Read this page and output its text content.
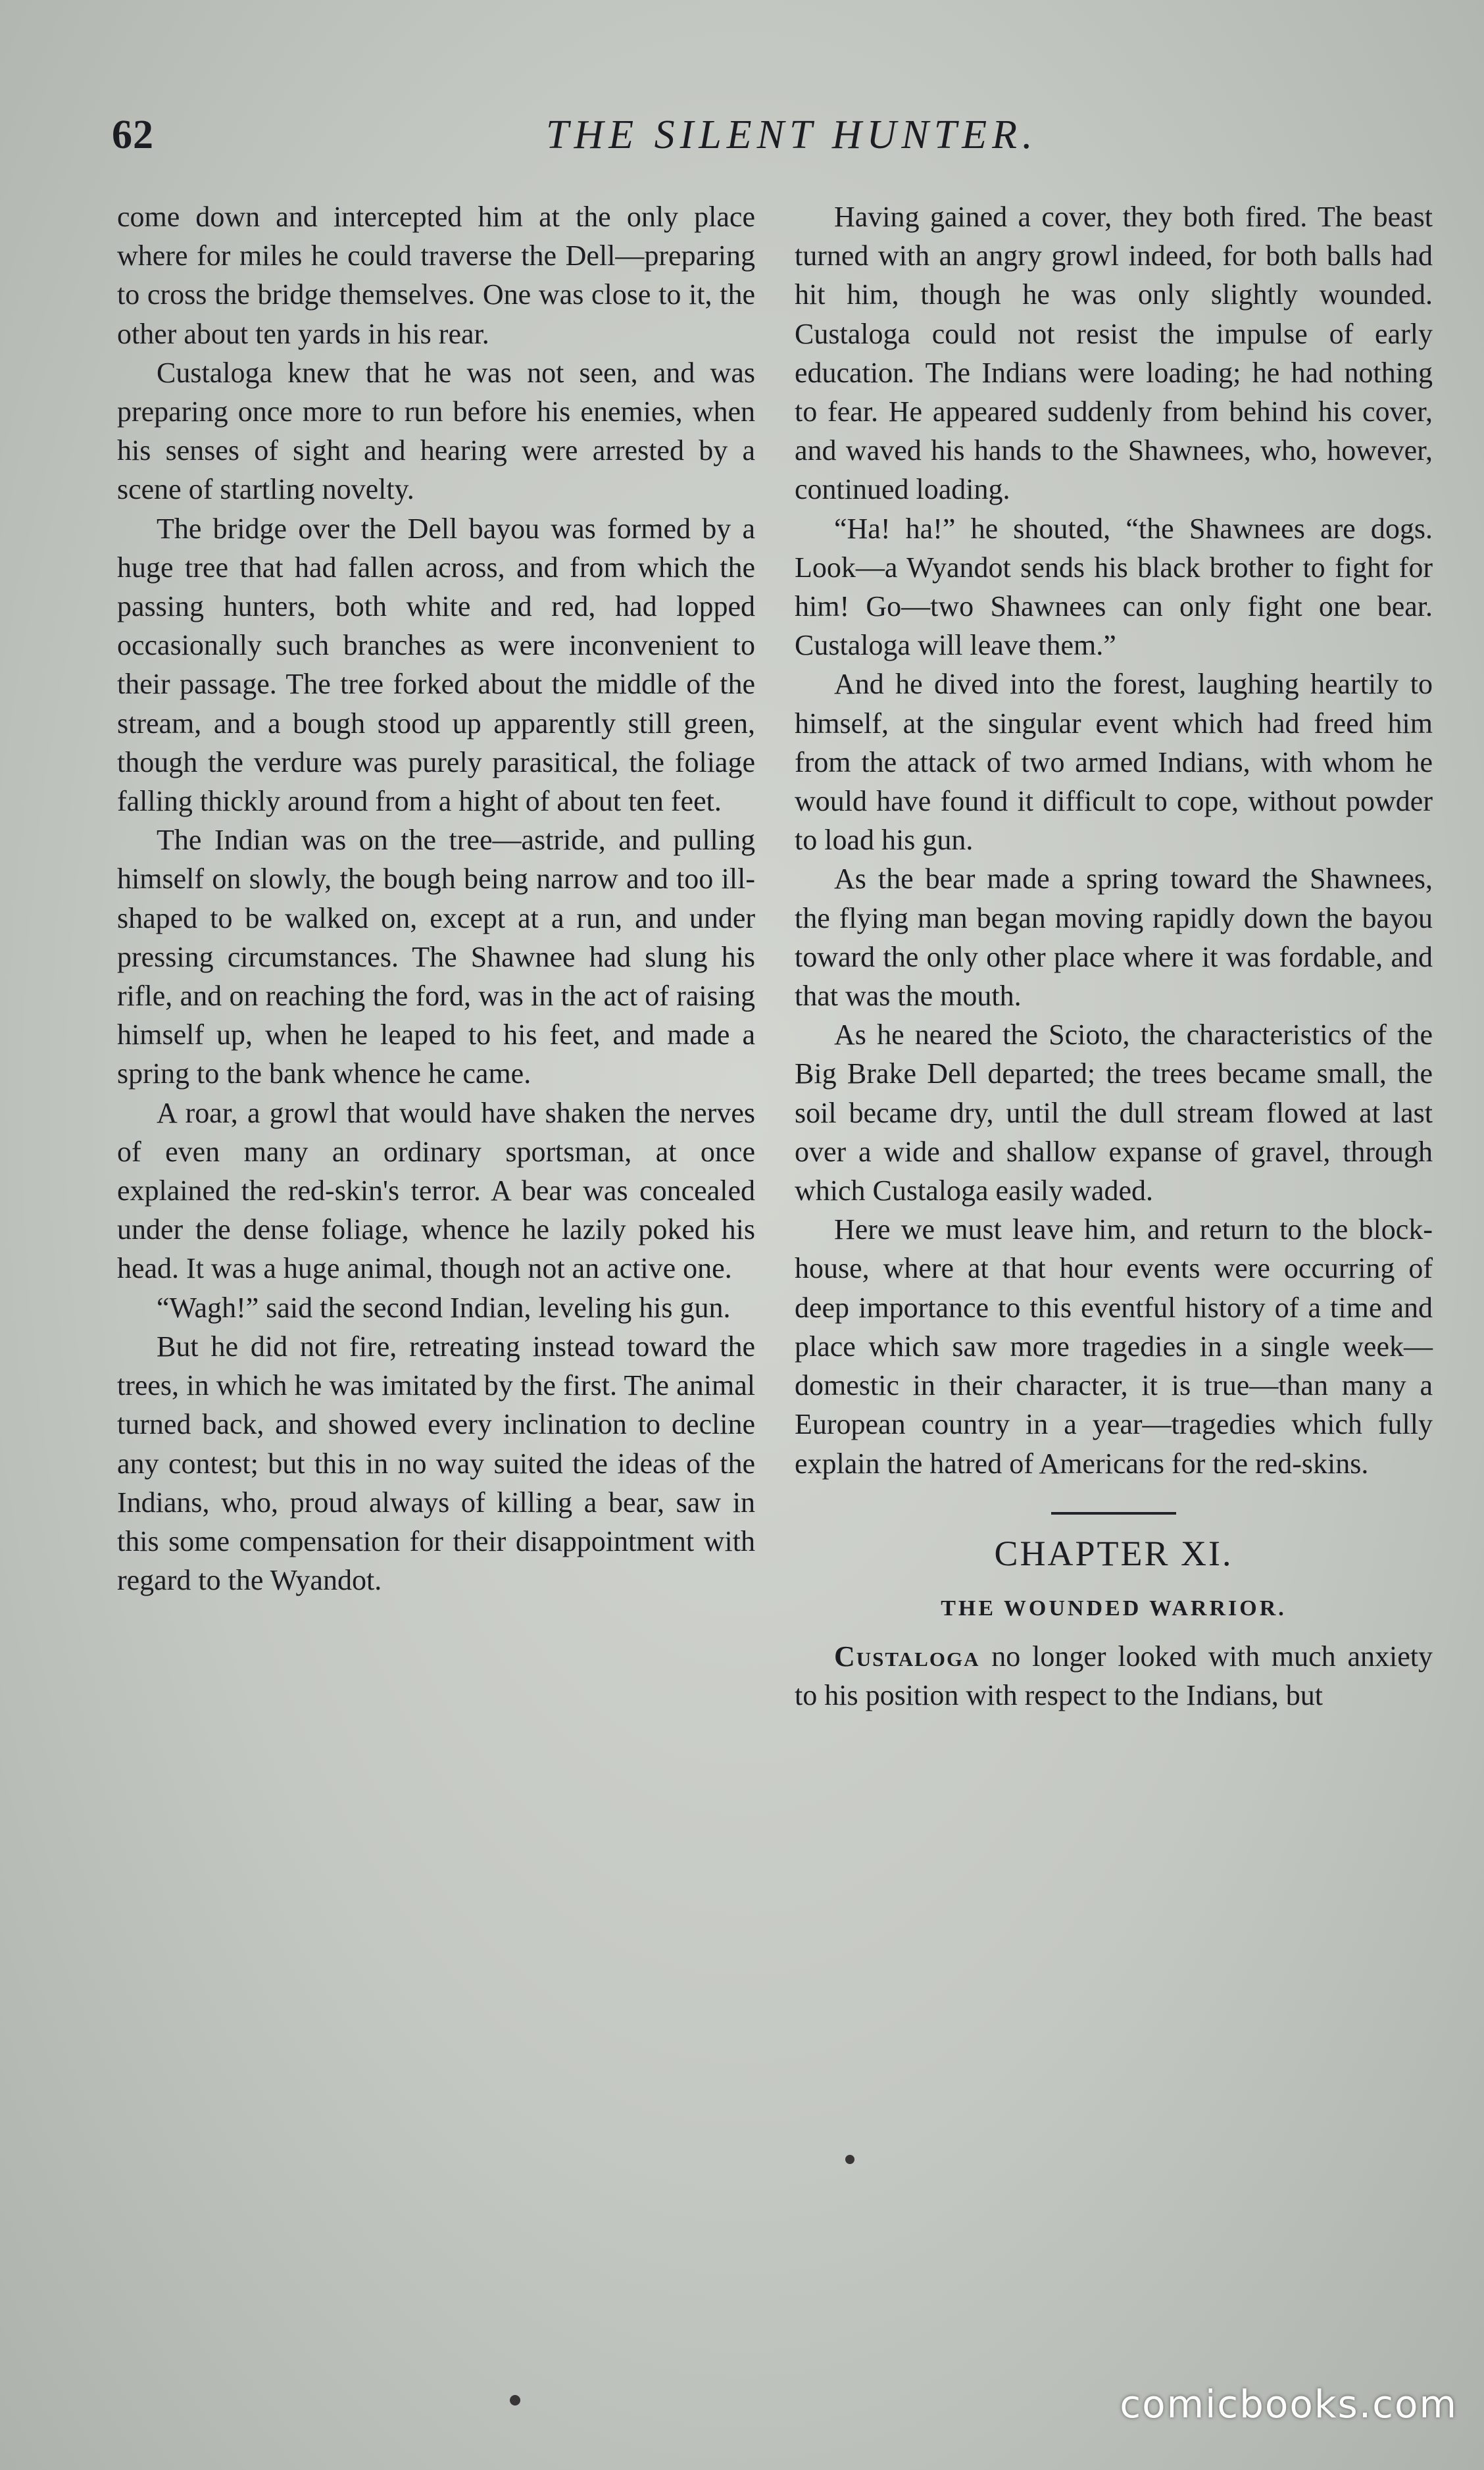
62	THE SILENT HUNTER.

come down and intercepted him at the only place where for miles he could traverse the Dell—preparing to cross the bridge themselves. One was close to it, the other about ten yards in his rear.

Custaloga knew that he was not seen, and was preparing once more to run before his enemies, when his senses of sight and hearing were arrested by a scene of startling novelty.

The bridge over the Dell bayou was formed by a huge tree that had fallen across, and from which the passing hunters, both white and red, had lopped occasionally such branches as were inconvenient to their passage. The tree forked about the middle of the stream, and a bough stood up apparently still green, though the verdure was purely parasitical, the foliage falling thickly around from a hight of about ten feet.

The Indian was on the tree—astride, and pulling himself on slowly, the bough being narrow and too ill-shaped to be walked on, except at a run, and under pressing circumstances. The Shawnee had slung his rifle, and on reaching the ford, was in the act of raising himself up, when he leaped to his feet, and made a spring to the bank whence he came.

A roar, a growl that would have shaken the nerves of even many an ordinary sportsman, at once explained the red-skin's terror. A bear was concealed under the dense foliage, whence he lazily poked his head. It was a huge animal, though not an active one.

“Wagh!” said the second Indian, leveling his gun.

But he did not fire, retreating instead toward the trees, in which he was imitated by the first. The animal turned back, and showed every inclination to decline any contest; but this in no way suited the ideas of the Indians, who, proud always of killing a bear, saw in this some compensation for their disappointment with regard to the Wyandot.

Having gained a cover, they both fired. The beast turned with an angry growl indeed, for both balls had hit him, though he was only slightly wounded. Custaloga could not resist the impulse of early education. The Indians were loading; he had nothing to fear. He appeared suddenly from behind his cover, and waved his hands to the Shawnees, who, however, continued loading.

“Ha! ha!” he shouted, “the Shawnees are dogs. Look—a Wyandot sends his black brother to fight for him! Go—two Shawnees can only fight one bear. Custaloga will leave them.”

And he dived into the forest, laughing heartily to himself, at the singular event which had freed him from the attack of two armed Indians, with whom he would have found it difficult to cope, without powder to load his gun.

As the bear made a spring toward the Shawnees, the flying man began moving rapidly down the bayou toward the only other place where it was fordable, and that was the mouth.

As he neared the Scioto, the characteristics of the Big Brake Dell departed; the trees became small, the soil became dry, until the dull stream flowed at last over a wide and shallow expanse of gravel, through which Custaloga easily waded.

Here we must leave him, and return to the block-house, where at that hour events were occurring of deep importance to this eventful history of a time and place which saw more tragedies in a single week—domestic in their character, it is true—than many a European country in a year—tragedies which fully explain the hatred of Americans for the red-skins.

CHAPTER XI.
THE WOUNDED WARRIOR.

Custaloga no longer looked with much anxiety to his position with respect to the Indians, but

comicbooks.com
